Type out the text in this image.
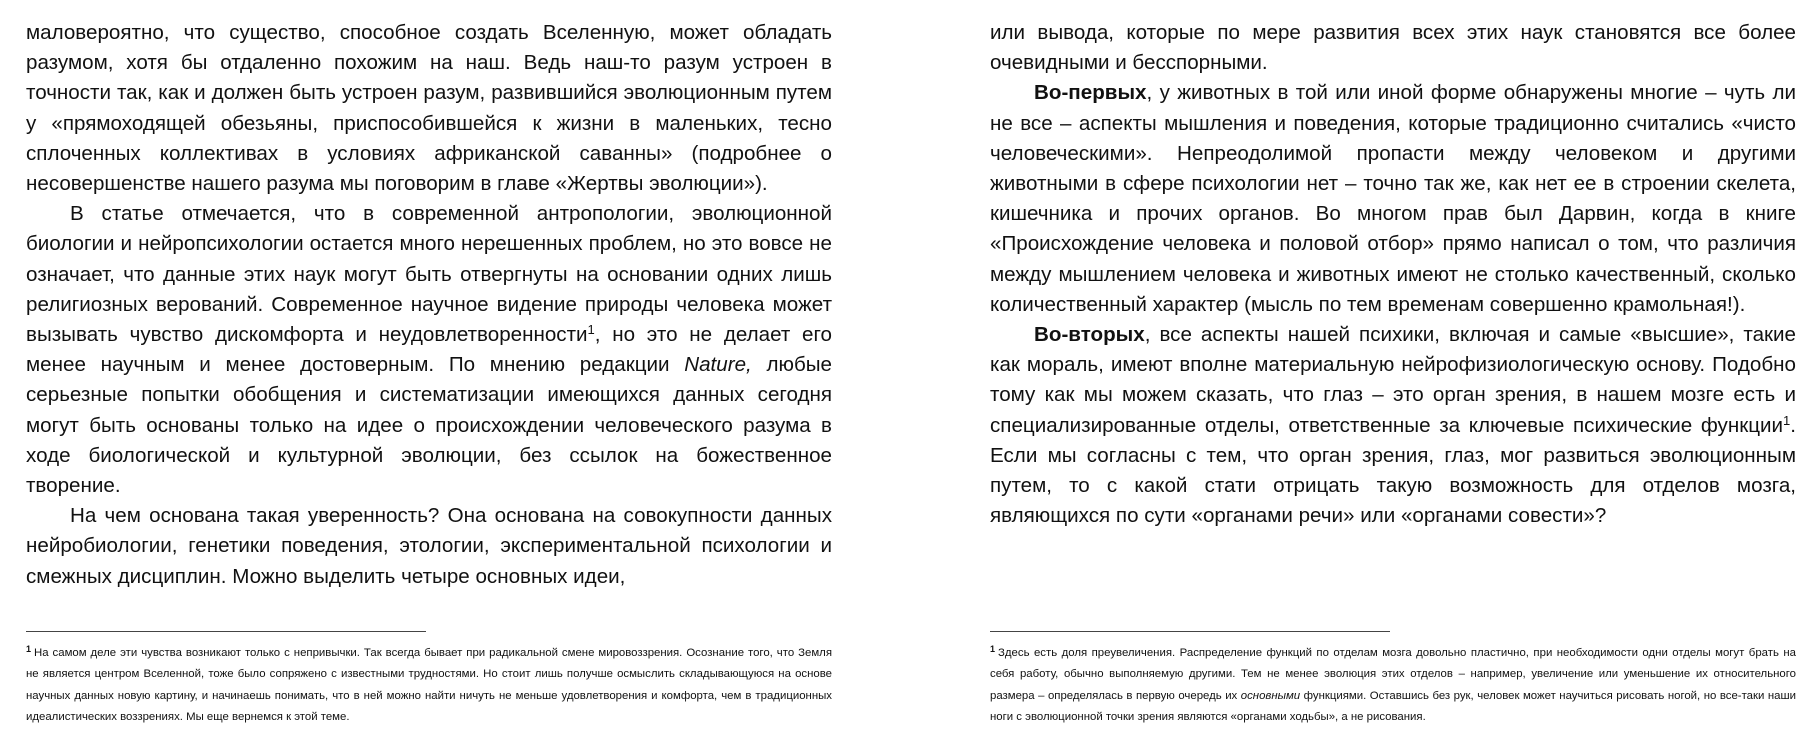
маловероятно, что существо, способное создать Вселенную, может обладать разумом, хотя бы отдаленно похожим на наш. Ведь наш-то разум устроен в точности так, как и должен быть устроен разум, развившийся эволюционным путем у «прямоходящей обезьяны, приспособившейся к жизни в маленьких, тесно сплоченных коллективах в условиях африканской саванны» (подробнее о несовершенстве нашего разума мы поговорим в главе «Жертвы эволюции»).

В статье отмечается, что в современной антропологии, эволюционной биологии и нейропсихологии остается много нерешенных проблем, но это вовсе не означает, что данные этих наук могут быть отвергнуты на основании одних лишь религиозных верований. Современное научное видение природы человека может вызывать чувство дискомфорта и неудовлетворенности$^1$, но это не делает его менее научным и менее достоверным. По мнению редакции Nature, любые серьезные попытки обобщения и систематизации имеющихся данных сегодня могут быть основаны только на идее о происхождении человеческого разума в ходе биологической и культурной эволюции, без ссылок на божественное творение.

На чем основана такая уверенность? Она основана на совокупности данных нейробиологии, генетики поведения, этологии, экспериментальной психологии и смежных дисциплин. Можно выделить четыре основных идеи,

$^1$ На самом деле эти чувства возникают только с непривычки. Так всегда бывает при радикальной смене мировоззрения. Осознание того, что Земля не является центром Вселенной, тоже было сопряжено с известными трудностями. Но стоит лишь получше осмыслить складывающуюся на основе научных данных новую картину, и начинаешь понимать, что в ней можно найти ничуть не меньше удовлетворения и комфорта, чем в традиционных идеалистических воззрениях. Мы еще вернемся к этой теме.

или вывода, которые по мере развития всех этих наук становятся все более очевидными и бесспорными.

Во-первых, у животных в той или иной форме обнаружены многие – чуть ли не все – аспекты мышления и поведения, которые традиционно считались «чисто человеческими». Непреодолимой пропасти между человеком и другими животными в сфере психологии нет – точно так же, как нет ее в строении скелета, кишечника и прочих органов. Во многом прав был Дарвин, когда в книге «Происхождение человека и половой отбор» прямо написал о том, что различия между мышлением человека и животных имеют не столько качественный, сколько количественный характер (мысль по тем временам совершенно крамольная!).

Во-вторых, все аспекты нашей психики, включая и самые «высшие», такие как мораль, имеют вполне материальную нейрофизиологическую основу. Подобно тому как мы можем сказать, что глаз – это орган зрения, в нашем мозге есть и специализированные отделы, ответственные за ключевые психические функции$^1$. Если мы согласны с тем, что орган зрения, глаз, мог развиться эволюционным путем, то с какой стати отрицать такую возможность для отделов мозга, являющихся по сути «органами речи» или «органами совести»?

$^1$ Здесь есть доля преувеличения. Распределение функций по отделам мозга довольно пластично, при необходимости одни отделы могут брать на себя работу, обычно выполняемую другими. Тем не менее эволюция этих отделов – например, увеличение или уменьшение их относительного размера – определялась в первую очередь их основными функциями. Оставшись без рук, человек может научиться рисовать ногой, но все-таки наши ноги с эволюционной точки зрения являются «органами ходьбы», а не рисования.
